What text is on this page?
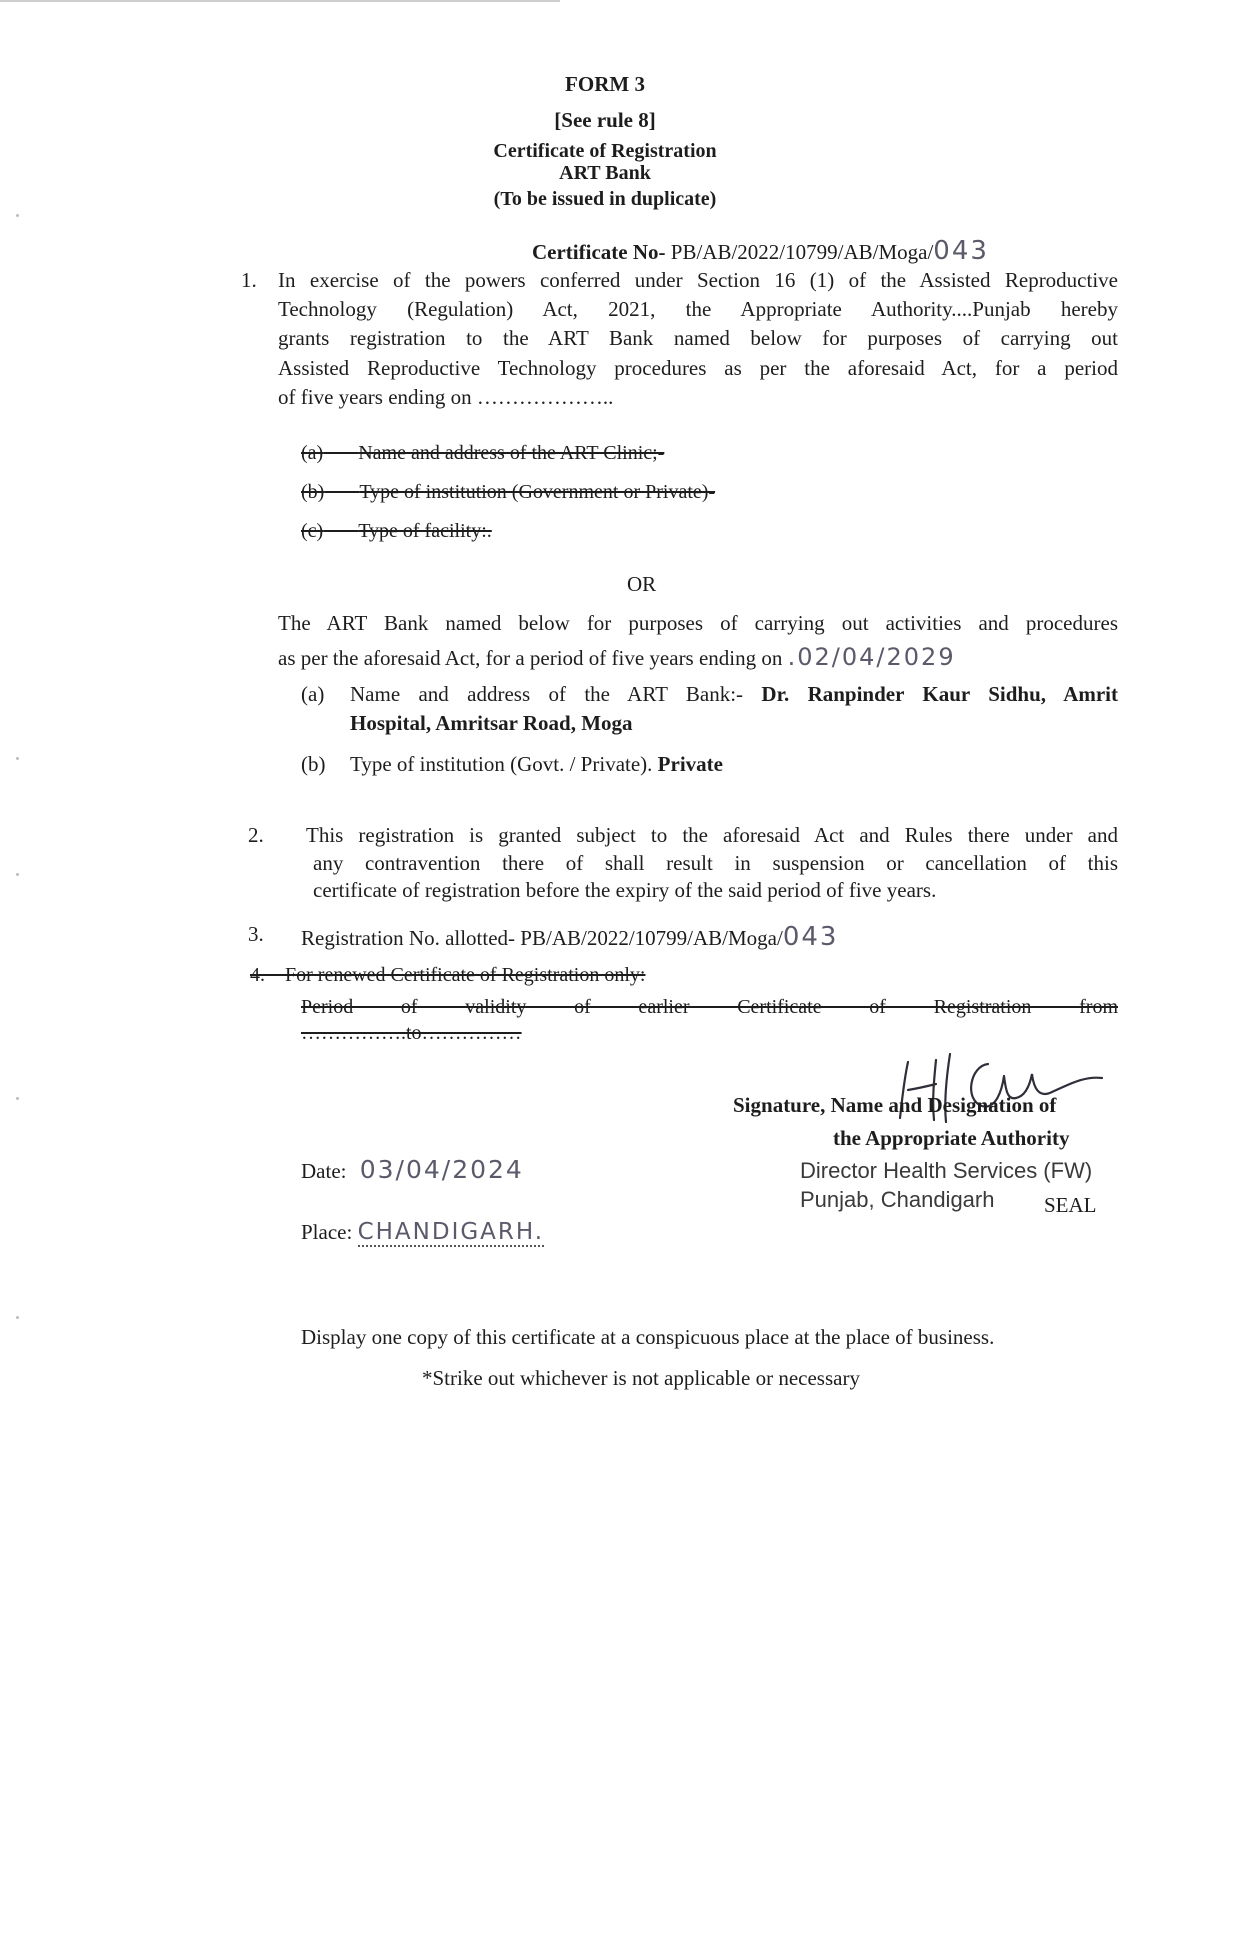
FORM 3
[See rule 8]
Certificate of Registration
ART Bank
(To be issued in duplicate)
Certificate No- PB/AB/2022/10799/AB/Moga/043
1. In exercise of the powers conferred under Section 16 (1) of the Assisted Reproductive
Technology (Regulation) Act, 2021, the Appropriate Authority....Punjab hereby
grants registration to the ART Bank named below for purposes of carrying out
Assisted Reproductive Technology procedures as per the aforesaid Act, for a period
of five years ending on ………………..
(a) Name and address of the ART Clinic;-
(b) Type of institution (Government or Private)-
(c) Type of facility:.
OR
The ART Bank named below for purposes of carrying out activities and procedures
as per the aforesaid Act, for a period of five years ending on .02/04/2029
(a) Name and address of the ART Bank:- Dr. Ranpinder Kaur Sidhu, Amrit
Hospital, Amritsar Road, Moga
(b) Type of institution (Govt. / Private). Private
2. This registration is granted subject to the aforesaid Act and Rules there under and
any contravention there of shall result in suspension or cancellation of this
certificate of registration before the expiry of the said period of five years.
3. Registration No. allotted- PB/AB/2022/10799/AB/Moga/043
4.    For renewed Certificate of Registration only:
Period   of   validity   of   earlier   Certificate   of   Registration   from
…………….to……………
Signature, Name and Designation of
the Appropriate Authority
Director Health Services (FW)
Punjab, Chandigarh SEAL
Date: 03/04/2024
Place: CHANDIGARH.
Display one copy of this certificate at a conspicuous place at the place of business.
*Strike out whichever is not applicable or necessary
